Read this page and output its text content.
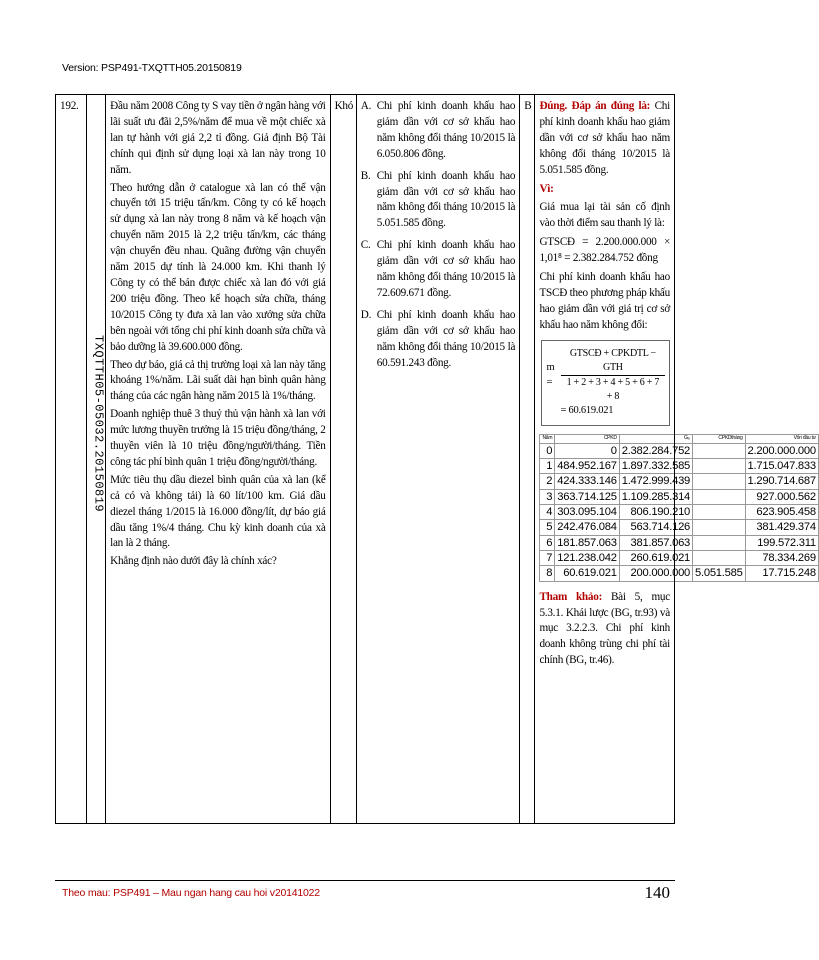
Version: PSP491-TXQTTH05.20150819
192.	
TXQTTH05-05032.20150819

Đầu năm 2008 Công ty S vay tiền ở ngân hàng với lãi suất ưu đãi 2,5%/năm để mua về một chiếc xà lan tự hành với giá 2,2 tỉ đồng. Giả định Bộ Tài chính qui định sử dụng loại xà lan này trong 10 năm.

Theo hướng dẫn ở catalogue xà lan có thể vận chuyển tới 15 triệu tấn/km. Công ty có kế hoạch sử dụng xà lan này trong 8 năm và kế hoạch vận chuyển năm 2015 là 2,2 triệu tấn/km, các tháng vận chuyển đều nhau. Quãng đường vận chuyển năm 2015 dự tính là 24.000 km. Khi thanh lý Công ty có thể bán được chiếc xà lan đó với giá 200 triệu đồng. Theo kế hoạch sửa chữa, tháng 10/2015 Công ty đưa xà lan vào xưởng sửa chữa bên ngoài với tổng chi phí kinh doanh sửa chữa và bảo dưỡng là 39.600.000 đồng.

Theo dự báo, giá cả thị trường loại xà lan này tăng khoảng 1%/năm. Lãi suất dài hạn bình quân hàng tháng của các ngân hàng năm 2015 là 1%/tháng.

Doanh nghiệp thuê 3 thuỷ thủ vận hành xà lan với mức lương thuyền trưởng là 15 triệu đồng/tháng, 2 thuyền viên là 10 triệu đồng/người/tháng. Tiền công tác phí bình quân 1 triệu đồng/người/tháng.

Mức tiêu thụ dầu diezel bình quân của xà lan (kể cả có và không tải) là 60 lít/100 km. Giá dầu diezel tháng 1/2015 là 16.000 đồng/lít, dự báo giá dầu tăng 1%/4 tháng. Chu kỳ kinh doanh của xà lan là 2 tháng.

Khẳng định nào dưới đây là chính xác?

	Khó	A. Chi phí kinh doanh khấu hao giảm dần với cơ sở khấu hao năm không đổi tháng 10/2015 là 6.050.806 đồng.
B. Chi phí kinh doanh khấu hao giảm dần với cơ sở khấu hao năm không đổi tháng 10/2015 là 5.051.585 đồng.
C. Chi phí kinh doanh khấu hao giảm dần với cơ sở khấu hao năm không đổi tháng 10/2015 là 72.609.671 đồng.
D. Chi phí kinh doanh khấu hao giảm dần với cơ sở khấu hao năm không đổi tháng 10/2015 là 60.591.243 đồng.
	B	Đúng. Đáp án đúng là: Chi phí kinh doanh khấu hao giảm dần với cơ sở khấu hao năm không đổi tháng 10/2015 là 5.051.585 đồng.

Vì:

Giá mua lại tài sản cố định vào thời điểm sau thanh lý là:

GTSCĐ = 2.200.000.000 × 1,01⁸ = 2.382.284.752 đồng

Chi phí kinh doanh khấu hao TSCĐ theo phương pháp khấu hao giảm dần với giá trị cơ sở khấu hao năm không đổi:

$m = \frac{\text{GTSCĐ + CPKDTL − GTH}}{1 + 2 + 3 + 4 + 5 + 6 + 7 + 8}$
= 60.619.021
Năm	CPKD	Gᵢ₀	CPKDtháng	Vốn đầu tư
0	0	2.382.284.752		2.200.000.000
1	484.952.167	1.897.332.585		1.715.047.833
2	424.333.146	1.472.999.439		1.290.714.687
3	363.714.125	1.109.285.314		927.000.562
4	303.095.104	806.190.210		623.905.458
5	242.476.084	563.714.126		381.429.374
6	181.857.063	381.857.063		199.572.311
7	121.238.042	260.619.021		78.334.269
8	60.619.021	200.000.000	5.051.585	17.715.248

Tham khảo: Bài 5, mục 5.3.1. Khái lược (BG, tr.93) và mục 3.2.2.3. Chi phí kinh doanh không trùng chi phí tài chính (BG, tr.46).

Theo mau: PSP491 – Mau ngan hang cau hoi v20141022	140
